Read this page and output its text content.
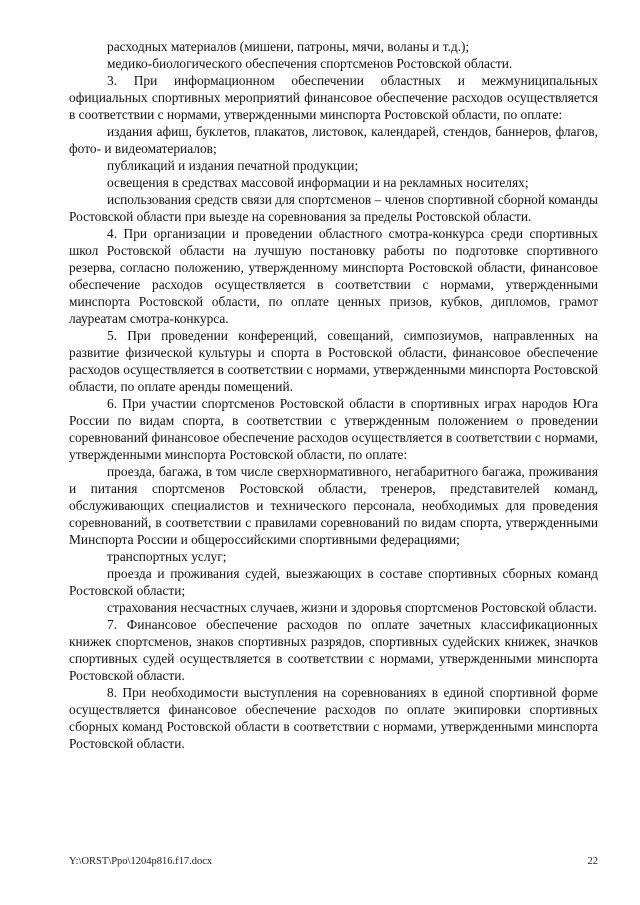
расходных материалов (мишени, патроны, мячи, воланы и т.д.);

медико-биологического обеспечения спортсменов Ростовской области.

3. При информационном обеспечении областных и межмуниципальных официальных спортивных мероприятий финансовое обеспечение расходов осуществляется в соответствии с нормами, утвержденными минспорта Ростовской области, по оплате:

издания афиш, буклетов, плакатов, листовок, календарей, стендов, баннеров, флагов, фото- и видеоматериалов;

публикаций и издания печатной продукции;

освещения в средствах массовой информации и на рекламных носителях;

использования средств связи для спортсменов – членов спортивной сборной команды Ростовской области при выезде на соревнования за пределы Ростовской области.

4. При организации и проведении областного смотра-конкурса среди спортивных школ Ростовской области на лучшую постановку работы по подготовке спортивного резерва, согласно положению, утвержденному минспорта Ростовской области, финансовое обеспечение расходов осуществляется в соответствии с нормами, утвержденными минспорта Ростовской области, по оплате ценных призов, кубков, дипломов, грамот лауреатам смотра-конкурса.

5. При проведении конференций, совещаний, симпозиумов, направленных на развитие физической культуры и спорта в Ростовской области, финансовое обеспечение расходов осуществляется в соответствии с нормами, утвержденными минспорта Ростовской области, по оплате аренды помещений.

6. При участии спортсменов Ростовской области в спортивных играх народов Юга России по видам спорта, в соответствии с утвержденным положением о проведении соревнований финансовое обеспечение расходов осуществляется в соответствии с нормами, утвержденными минспорта Ростовской области, по оплате:

проезда, багажа, в том числе сверхнормативного, негабаритного багажа, проживания и питания спортсменов Ростовской области, тренеров, представителей команд, обслуживающих специалистов и технического персонала, необходимых для проведения соревнований, в соответствии с правилами соревнований по видам спорта, утвержденными Минспорта России и общероссийскими спортивными федерациями;

транспортных услуг;

проезда и проживания судей, выезжающих в составе спортивных сборных команд Ростовской области;

страхования несчастных случаев, жизни и здоровья спортсменов Ростовской области.

7. Финансовое обеспечение расходов по оплате зачетных классификационных книжек спортсменов, знаков спортивных разрядов, спортивных судейских книжек, значков спортивных судей осуществляется в соответствии с нормами, утвержденными минспорта Ростовской области.

8. При необходимости выступления на соревнованиях в единой спортивной форме осуществляется финансовое обеспечение расходов по оплате экипировки спортивных сборных команд Ростовской области в соответствии с нормами, утвержденными минспорта Ростовской области.

Y:\ORST\Ppo\1204p816.f17.docx	22
